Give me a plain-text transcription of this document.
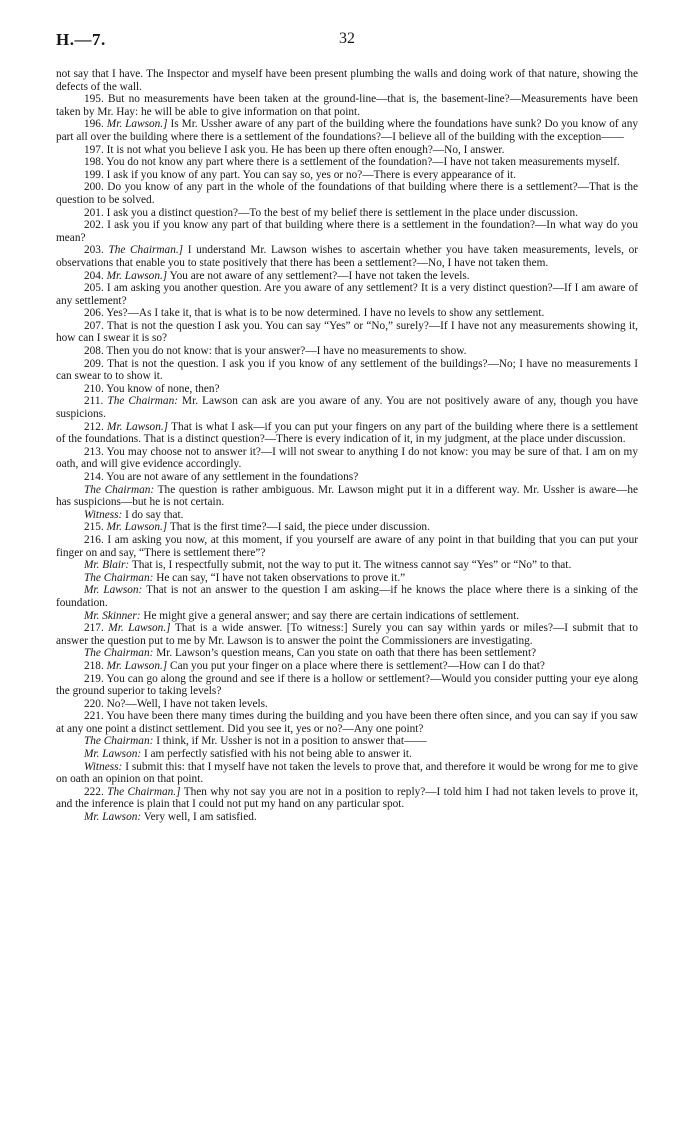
H.—7.	32

not say that I have. The Inspector and myself have been present plumbing the walls and doing work of that nature, showing the defects of the wall.

195. But no measurements have been taken at the ground-line—that is, the basement-line?—Measurements have been taken by Mr. Hay: he will be able to give information on that point.

196. Mr. Lawson.] Is Mr. Ussher aware of any part of the building where the foundations have sunk? Do you know of any part all over the building where there is a settlement of the foundations?—I believe all of the building with the exception——

197. It is not what you believe I ask you. He has been up there often enough?—No, I answer.

198. You do not know any part where there is a settlement of the foundation?—I have not taken measurements myself.

199. I ask if you know of any part. You can say so, yes or no?—There is every appearance of it.

200. Do you know of any part in the whole of the foundations of that building where there is a settlement?—That is the question to be solved.

201. I ask you a distinct question?—To the best of my belief there is settlement in the place under discussion.

202. I ask you if you know any part of that building where there is a settlement in the foundation?—In what way do you mean?

203. The Chairman.] I understand Mr. Lawson wishes to ascertain whether you have taken measurements, levels, or observations that enable you to state positively that there has been a settlement?—No, I have not taken them.

204. Mr. Lawson.] You are not aware of any settlement?—I have not taken the levels.

205. I am asking you another question. Are you aware of any settlement? It is a very distinct question?—If I am aware of any settlement?

206. Yes?—As I take it, that is what is to be now determined. I have no levels to show any settlement.

207. That is not the question I ask you. You can say “Yes” or “No,” surely?—If I have not any measurements showing it, how can I swear it is so?

208. Then you do not know: that is your answer?—I have no measurements to show.

209. That is not the question. I ask you if you know of any settlement of the buildings?—No; I have no measurements I can swear to to show it.

210. You know of none, then?

211. The Chairman: Mr. Lawson can ask are you aware of any. You are not positively aware of any, though you have suspicions.

212. Mr. Lawson.] That is what I ask—if you can put your fingers on any part of the building where there is a settlement of the foundations. That is a distinct question?—There is every indication of it, in my judgment, at the place under discussion.

213. You may choose not to answer it?—I will not swear to anything I do not know: you may be sure of that. I am on my oath, and will give evidence accordingly.

214. You are not aware of any settlement in the foundations?

The Chairman: The question is rather ambiguous. Mr. Lawson might put it in a different way. Mr. Ussher is aware—he has suspicions—but he is not certain.

Witness: I do say that.

215. Mr. Lawson.] That is the first time?—I said, the piece under discussion.

216. I am asking you now, at this moment, if you yourself are aware of any point in that building that you can put your finger on and say, “There is settlement there”?

Mr. Blair: That is, I respectfully submit, not the way to put it. The witness cannot say “Yes” or “No” to that.

The Chairman: He can say, “I have not taken observations to prove it.”

Mr. Lawson: That is not an answer to the question I am asking—if he knows the place where there is a sinking of the foundation.

Mr. Skinner: He might give a general answer; and say there are certain indications of settlement.

217. Mr. Lawson.] That is a wide answer. [To witness:] Surely you can say within yards or miles?—I submit that to answer the question put to me by Mr. Lawson is to answer the point the Commissioners are investigating.

The Chairman: Mr. Lawson’s question means, Can you state on oath that there has been settlement?

218. Mr. Lawson.] Can you put your finger on a place where there is settlement?—How can I do that?

219. You can go along the ground and see if there is a hollow or settlement?—Would you consider putting your eye along the ground superior to taking levels?

220. No?—Well, I have not taken levels.

221. You have been there many times during the building and you have been there often since, and you can say if you saw at any one point a distinct settlement. Did you see it, yes or no?—Any one point?

The Chairman: I think, if Mr. Ussher is not in a position to answer that——

Mr. Lawson: I am perfectly satisfied with his not being able to answer it.

Witness: I submit this: that I myself have not taken the levels to prove that, and therefore it would be wrong for me to give on oath an opinion on that point.

222. The Chairman.] Then why not say you are not in a position to reply?—I told him I had not taken levels to prove it, and the inference is plain that I could not put my hand on any particular spot.

Mr. Lawson: Very well, I am satisfied.
